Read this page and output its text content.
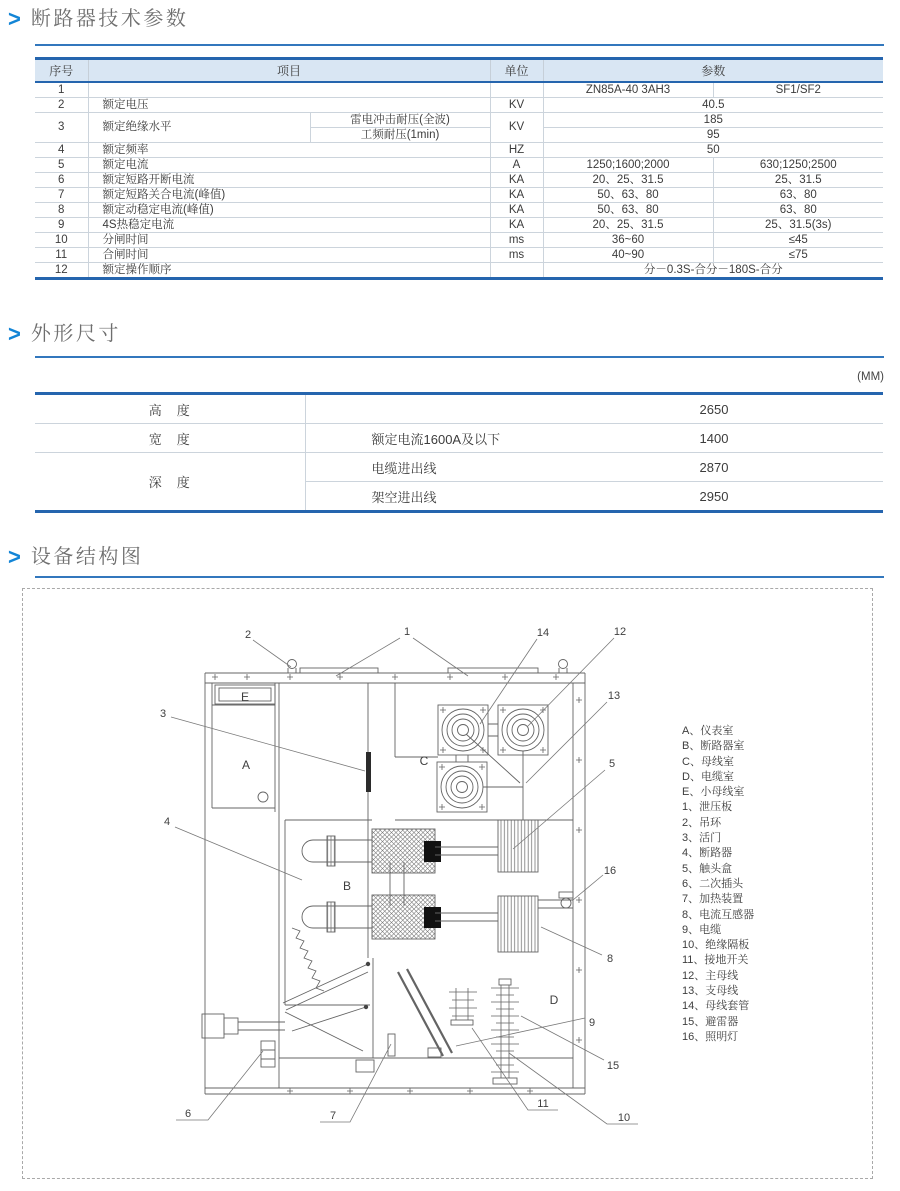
> 断路器技术参数
序号	项目		单位	参数	
1				ZN85A-40 3AH3	SF1/SF2
2	额定电压		KV	40.5	
3	额定绝缘水平	雷电冲击耐压(全波)	KV	185	
		工频耐压(1min)		95	
4	额定频率		HZ	50	
5	额定电流		A	1250;1600;2000	630;1250;2500
6	额定短路开断电流		KA	20、25、31.5	25、31.5
7	额定短路关合电流(峰值)		KA	50、63、80	63、80
8	额定动稳定电流(峰值)		KA	50、63、80	63、80
9	4S热稳定电流		KA	20、25、31.5	25、31.5(3s)
10	分闸时间		ms	36~60	≤45
11	合闸时间		ms	40~90	≤75
12	额定操作顺序			分－0.3S-合分－180S-合分	
> 外形尺寸
(MM)
高　度		2650
宽　度	额定电流1600A及以下	1400
深　度	电缆进出线	2870
	架空进出线	2950
> 设备结构图
1
2
3
4
5
6	7
8
9
10
11
12
13
14
15
16
E
A	C
B
D
A、仪表室
B、断路器室
C、母线室
D、电缆室
E、小母线室
1、泄压板
2、吊环
3、活门
4、断路器
5、触头盒
6、二次插头
7、加热装置
8、电流互感器
9、电缆
10、绝缘隔板
11、接地开关
12、主母线
13、支母线
14、母线套管
15、避雷器
16、照明灯
